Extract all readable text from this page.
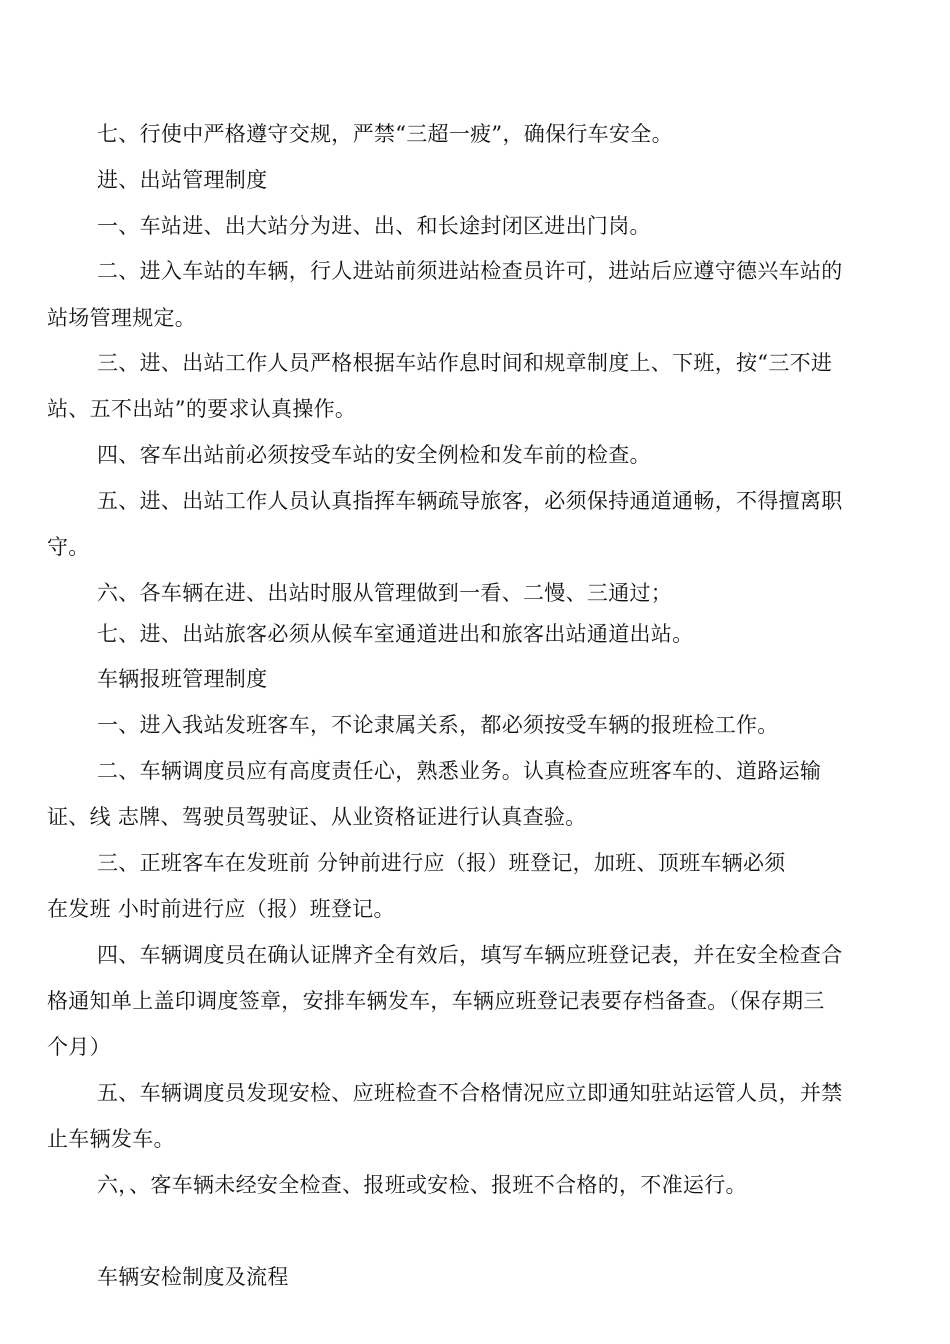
七、行使中严格遵守交规，严禁“三超一疲”，确保行车安全。
进、出站管理制度
一、车站进、出大站分为进、出、和长途封闭区进出门岗。
二、进入车站的车辆，行人进站前须进站检查员许可，进站后应遵守德兴车站的
站场管理规定。
三、进、出站工作人员严格根据车站作息时间和规章制度上、下班，按“三不进
站、五不出站”的要求认真操作。
四、客车出站前必须按受车站的安全例检和发车前的检查。
五、进、出站工作人员认真指挥车辆疏导旅客，必须保持通道通畅，不得擅离职
守。
六、各车辆在进、出站时服从管理做到一看、二慢、三通过；
七、进、出站旅客必须从候车室通道进出和旅客出站通道出站。
车辆报班管理制度
一、进入我站发班客车，不论隶属关系，都必须按受车辆的报班检工作。
二、车辆调度员应有高度责任心，熟悉业务。认真检查应班客车的、道路运输
证、线 志牌、驾驶员驾驶证、从业资格证进行认真查验。
三、正班客车在发班前 分钟前进行应（报）班登记，加班、顶班车辆必须
在发班 小时前进行应（报）班登记。
四、车辆调度员在确认证牌齐全有效后，填写车辆应班登记表，并在安全检查合
格通知单上盖印调度签章，安排车辆发车，车辆应班登记表要存档备查。（保存期三
个月）
五、车辆调度员发现安检、应班检查不合格情况应立即通知驻站运管人员，并禁
止车辆发车。
六，、客车辆未经安全检查、报班或安检、报班不合格的，不准运行。
车辆安检制度及流程
